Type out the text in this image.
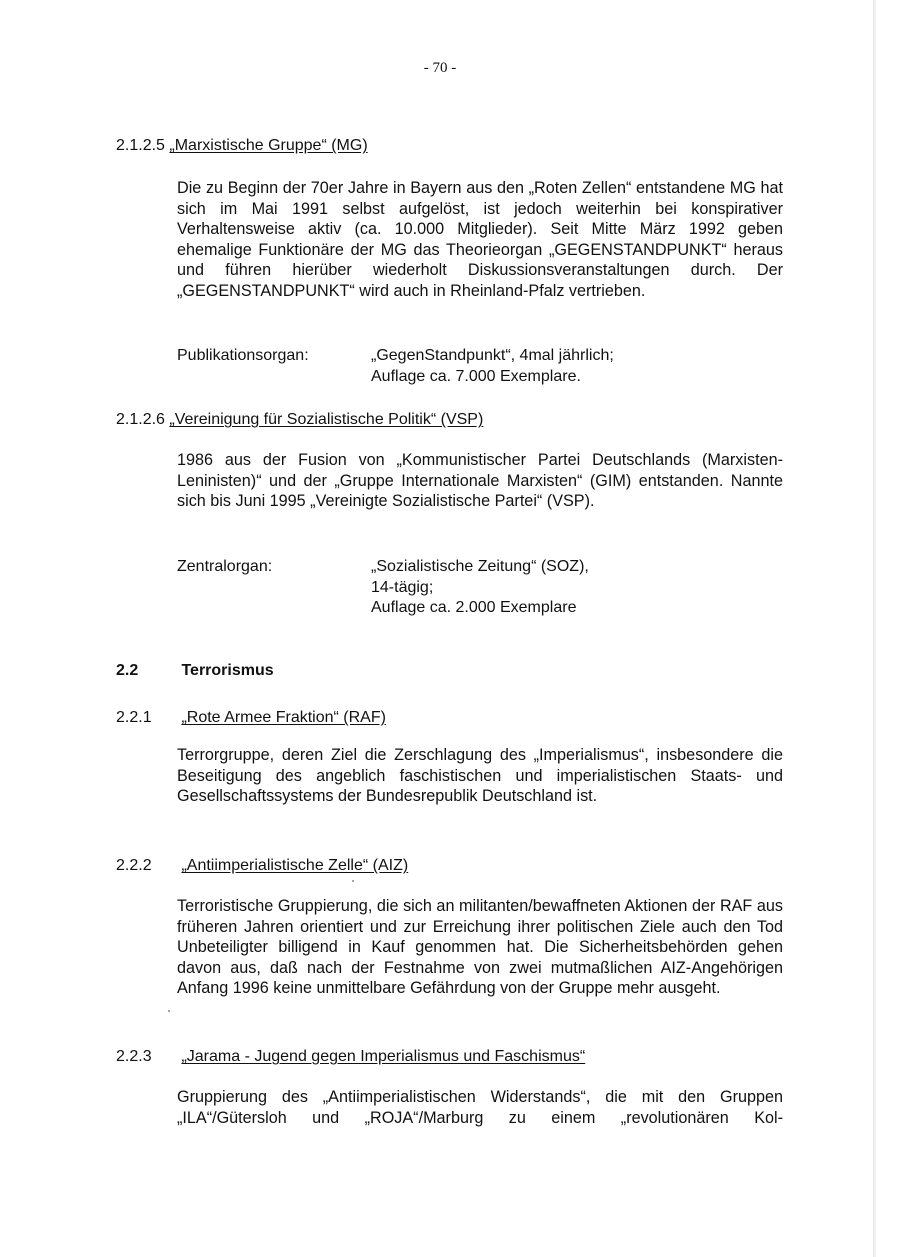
- 70 -
2.1.2.5 „Marxistische Gruppe“ (MG)
Die zu Beginn der 70er Jahre in Bayern aus den „Roten Zellen“ entstandene MG hat sich im Mai 1991 selbst aufgelöst, ist jedoch weiterhin bei konspirativer Verhaltensweise aktiv (ca. 10.000 Mitglieder). Seit Mitte März 1992 geben ehemalige Funktionäre der MG das Theorieorgan „GEGENSTANDPUNKT“ heraus und führen hierüber wiederholt Diskussionsveranstaltungen durch. Der „GEGENSTANDPUNKT“ wird auch in Rheinland-Pfalz vertrieben.
Publikationsorgan:	„GegenStandpunkt“, 4mal jährlich;
Auflage ca. 7.000 Exemplare.
2.1.2.6 „Vereinigung für Sozialistische Politik“ (VSP)
1986 aus der Fusion von „Kommunistischer Partei Deutschlands (Marxisten-Leninisten)“ und der „Gruppe Internationale Marxisten“ (GIM) entstanden. Nannte sich bis Juni 1995 „Vereinigte Sozialistische Partei“ (VSP).
Zentralorgan:	„Sozialistische Zeitung“ (SOZ),
14-tägig;
Auflage ca. 2.000 Exemplare
2.2	Terrorismus
2.2.1 „Rote Armee Fraktion“ (RAF)
Terrorgruppe, deren Ziel die Zerschlagung des „Imperialismus“, insbesondere die Beseitigung des angeblich faschistischen und imperialistischen Staats- und Gesellschaftssystems der Bundesrepublik Deutschland ist.
2.2.2 „Antiimperialistische Zelle“ (AIZ)
Terroristische Gruppierung, die sich an militanten/bewaffneten Aktionen der RAF aus früheren Jahren orientiert und zur Erreichung ihrer politischen Ziele auch den Tod Unbeteiligter billigend in Kauf genommen hat. Die Sicherheitsbehörden gehen davon aus, daß nach der Festnahme von zwei mutmaßlichen AIZ-Angehörigen Anfang 1996 keine unmittelbare Gefährdung von der Gruppe mehr ausgeht.
2.2.3 „Jarama - Jugend gegen Imperialismus und Faschismus“
Gruppierung des „Antiimperialistischen Widerstands“, die mit den Gruppen „ILA“/Gütersloh und „ROJA“/Marburg zu einem „revolutionären Kol-
